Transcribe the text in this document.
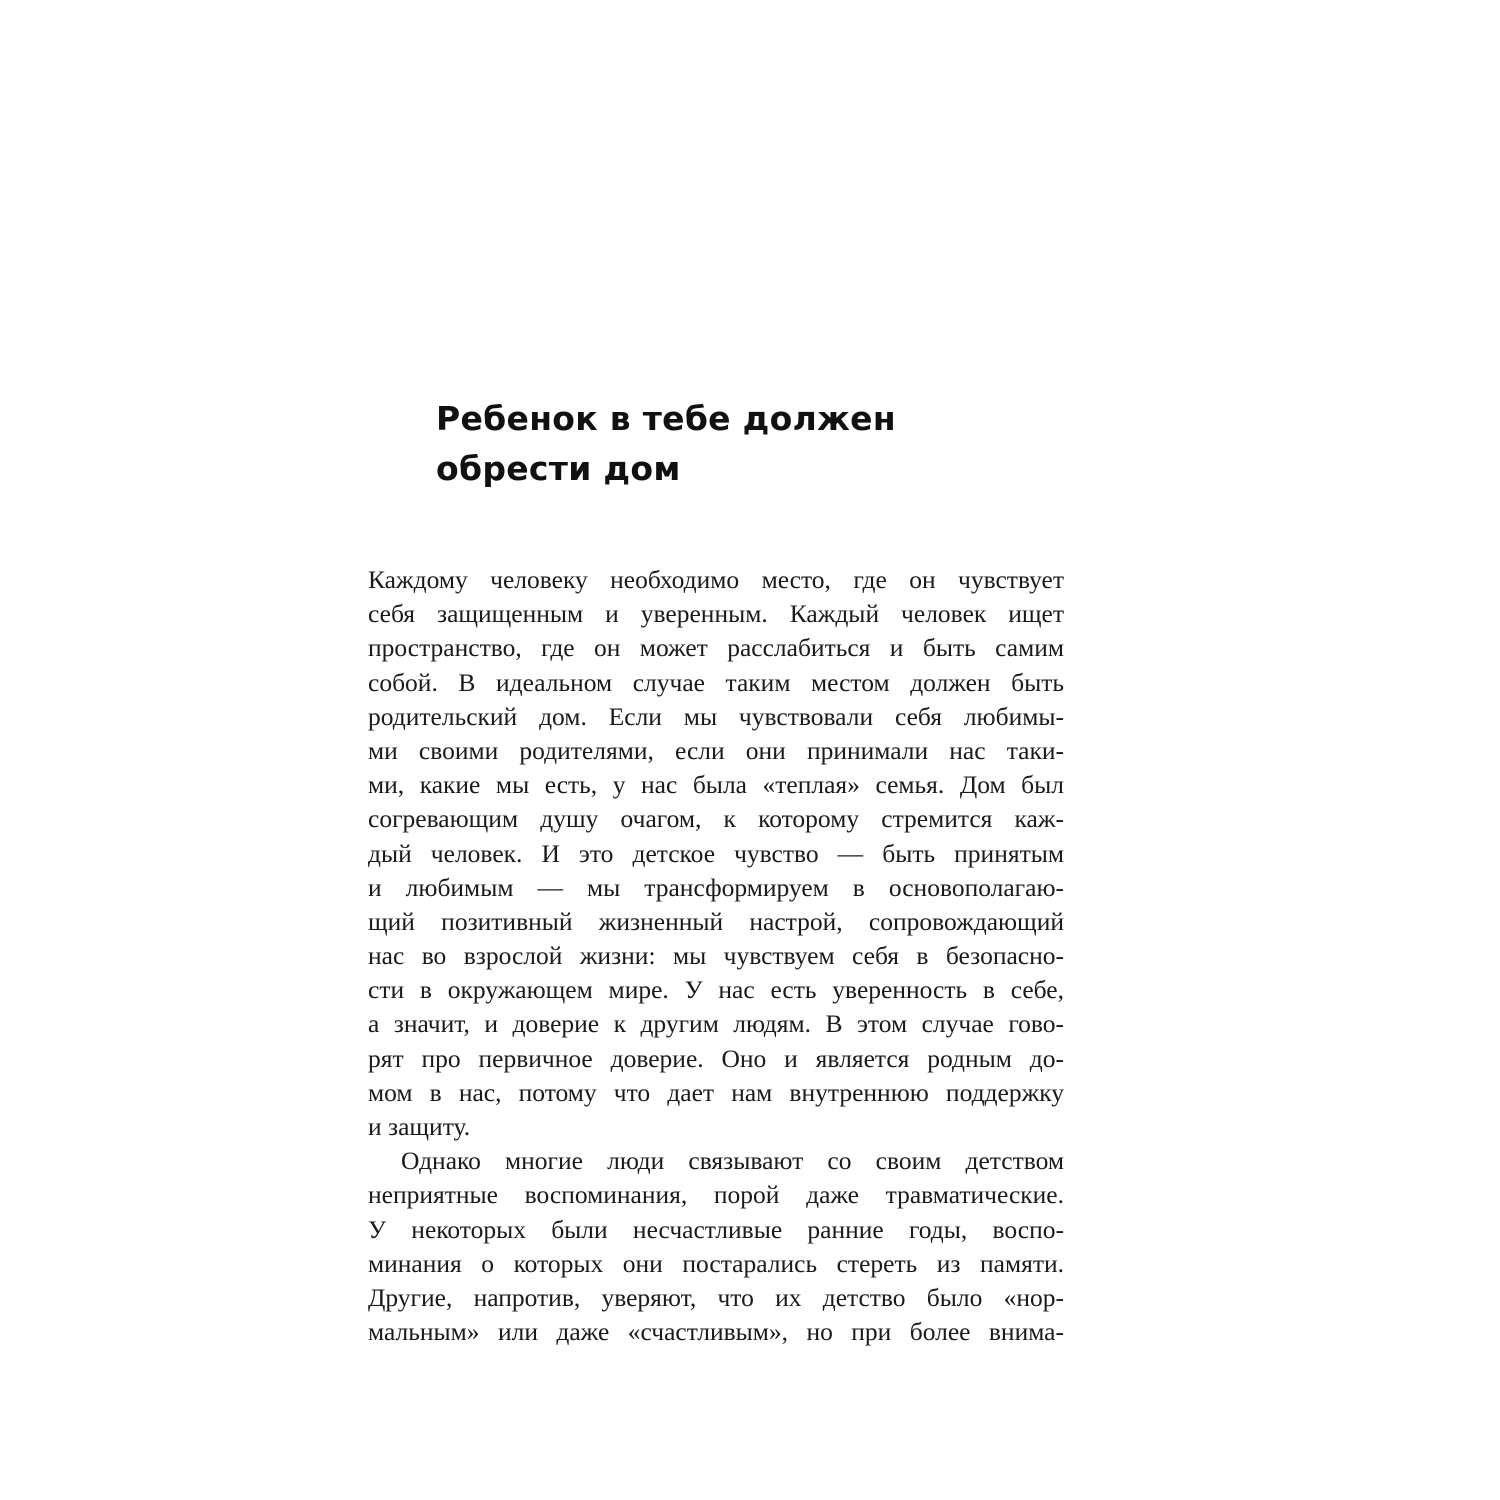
Ребенок в тебе должен
обрести дом
Каждому человеку необходимо место, где он чувствует
себя защищенным и уверенным. Каждый человек ищет
пространство, где он может расслабиться и быть самим
собой. В идеальном случае таким местом должен быть
родительский дом. Если мы чувствовали себя любимы-
ми своими родителями, если они принимали нас таки-
ми, какие мы есть, у нас была «теплая» семья. Дом был
согревающим душу очагом, к которому стремится каж-
дый человек. И это детское чувство — быть принятым
и любимым — мы трансформируем в основополагаю-
щий позитивный жизненный настрой, сопровождающий
нас во взрослой жизни: мы чувствуем себя в безопасно-
сти в окружающем мире. У нас есть уверенность в себе,
а значит, и доверие к другим людям. В этом случае гово-
рят про первичное доверие. Оно и является родным до-
мом в нас, потому что дает нам внутреннюю поддержку
и защиту.
Однако многие люди связывают со своим детством
неприятные воспоминания, порой даже травматические.
У некоторых были несчастливые ранние годы, воспо-
минания о которых они постарались стереть из памяти.
Другие, напротив, уверяют, что их детство было «нор-
мальным» или даже «счастливым», но при более внима-
